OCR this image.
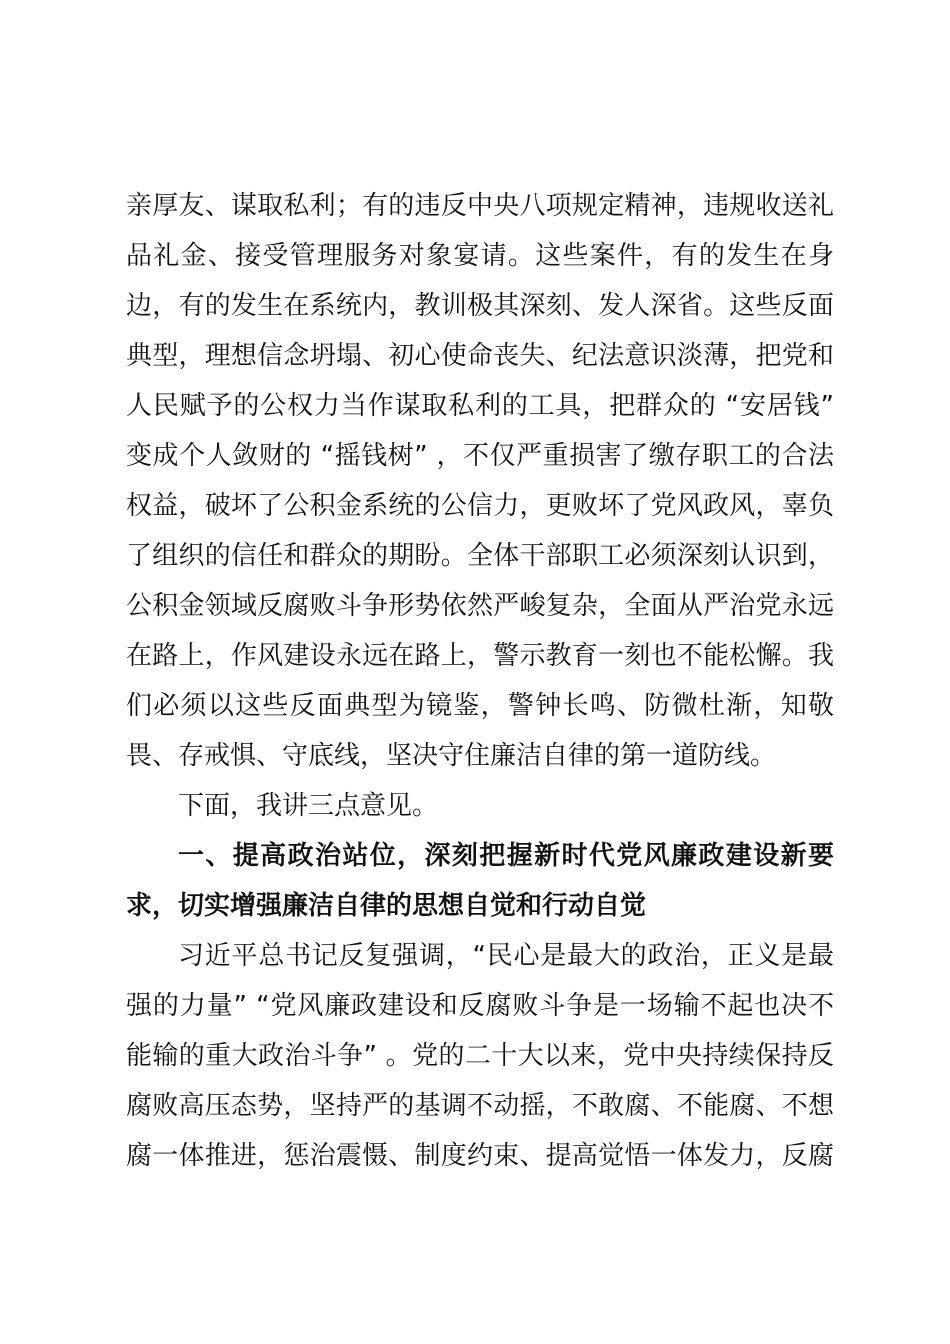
亲厚友、谋取私利；有的违反中央八项规定精神，违规收送礼
品礼金、接受管理服务对象宴请。这些案件，有的发生在身
边，有的发生在系统内，教训极其深刻、发人深省。这些反面
典型，理想信念坍塌、初心使命丧失、纪法意识淡薄，把党和
人民赋予的公权力当作谋取私利的工具，把群众的 “安居钱”
变成个人敛财的 “摇钱树” ，不仅严重损害了缴存职工的合法
权益，破坏了公积金系统的公信力，更败坏了党风政风，辜负
了组织的信任和群众的期盼。全体干部职工必须深刻认识到，
公积金领域反腐败斗争形势依然严峻复杂，全面从严治党永远
在路上，作风建设永远在路上，警示教育一刻也不能松懈。我
们必须以这些反面典型为镜鉴，警钟长鸣、防微杜渐，知敬
畏、存戒惧、守底线，坚决守住廉洁自律的第一道防线。
下面，我讲三点意见。
一、提高政治站位，深刻把握新时代党风廉政建设新要
求，切实增强廉洁自律的思想自觉和行动自觉
习近平总书记反复强调，“民心是最大的政治，正义是最
强的力量” “党风廉政建设和反腐败斗争是一场输不起也决不
能输的重大政治斗争” 。党的二十大以来，党中央持续保持反
腐败高压态势，坚持严的基调不动摇，不敢腐、不能腐、不想
腐一体推进，惩治震慑、制度约束、提高觉悟一体发力，反腐
